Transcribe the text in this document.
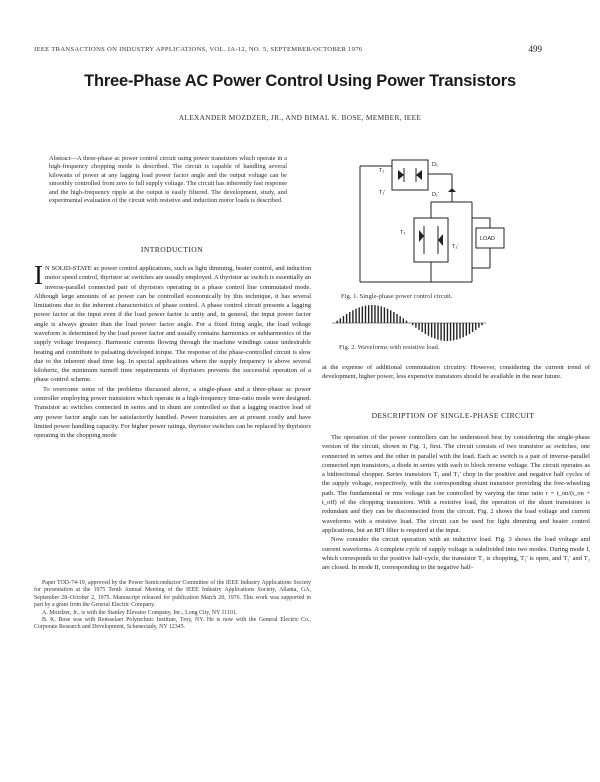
IEEE TRANSACTIONS ON INDUSTRY APPLICATIONS, VOL. IA-12, NO. 5, SEPTEMBER/OCTOBER 1976	499
Three-Phase AC Power Control Using Power Transistors
ALEXANDER MOZDZER, JR., AND BIMAL K. BOSE, MEMBER, IEEE
Abstract—A three-phase ac power control circuit using power transistors which operate in a high-frequency chopping mode is described. The circuit is capable of handling several kilowatts of power at any lagging load power factor angle and the output voltage can be smoothly controlled from zero to full supply voltage. The circuit has inherently fast response and the high-frequency ripple at the output is easily filtered. The development, study, and experimental evaluation of the circuit with resistive and induction motor loads is described.
INTRODUCTION

I N SOLID-STATE ac power control applications, such as light dimming, heater control, and induction motor speed control, thyristor ac switches are usually employed. A thyristor ac switch is essentially an inverse-parallel connected pair of thyristors operating in a phase control line commutated mode. Although large amounts of ac power can be controlled economically by this technique, it has several limitations due to the inherent characteristics of phase control. A phase control circuit presents a lagging power factor at the input even if the load power factor is unity and, in general, the input power factor angle is always greater than the load power factor angle. For a fixed firing angle, the load voltage waveform is determined by the load power factor and usually contains harmonics or subharmonics of the supply voltage frequency. Harmonic currents flowing through the machine windings cause undesirable heating and contribute to pulsating developed torque. The response of the phase-controlled circuit is slow due to the inherent dead time lag. In special applications where the supply frequency is above several kilohertz, the minimum turnoff time requirements of thyristors prevents the successful operation of a phase control scheme.

To overcome some of the problems discussed above, a single-phase and a three-phase ac power controller employing power transistors which operate in a high-frequency time-ratio mode were designed. Transistor ac switches connected in series and in shunt are controlled so that a lagging reactive load of any power factor angle can be satisfactorily handled. Power transistors are at present costly and have limited power handling capacity. For higher power ratings, thyristor switches can be replaced by thyristors operating in the chopping mode

Paper TOD-74-19, approved by the Power Semiconductor Committee of the IEEE Industry Applications Society for presentation at the 1975 Tenth Annual Meeting of the IEEE Industry Applications Society, Atlanta, GA, September 28–October 2, 1975. Manuscript released for publication March 20, 1976. This work was supported in part by a grant from the General Electric Company.

A. Mozdzer, Jr., is with the Stanley Elevator Company, Inc., Long City, NY 11101.

B. K. Bose was with Rensselaer Polytechnic Institute, Troy, NY. He is now with the General Electric Co., Corporate Research and Development, Schenectady, NY 12345.

T₁
D₁
T₁'	D₁'
T₂
T₂'
LOAD
Fig. 1. Single-phase power control circuit.
Fig. 2. Waveforms with resistive load.
at the expense of additional commutation circuitry. However, considering the current trend of development, higher power, less expensive transistors should be available in the near future.
DESCRIPTION OF SINGLE-PHASE CIRCUIT

The operation of the power controllers can be understood best by considering the single-phase version of the circuit, shown in Fig. 1, first. The circuit consists of two transistor ac switches, one connected in series and the other in parallel with the load. Each ac switch is a pair of inverse-parallel connected npn transistors, a diode in series with each to block reverse voltage. The circuit operates as a bidirectional chopper. Series transistors T₁ and T₁' chop in the positive and negative half cycles of the supply voltage, respectively, with the corresponding shunt transistor providing the free-wheeling path. The fundamental or rms voltage can be controlled by varying the time ratio r = t_on/(t_on + t_off) of the chopping transistors. With a resistive load, the operation of the shunt transistors is redundant and they can be disconnected from the circuit. Fig. 2 shows the load voltage and current waveforms with a resistive load. The circuit can be used for light dimming and heater control applications, but an RFI filter is required at the input.

Now consider the circuit operation with an inductive load. Fig. 3 shows the load voltage and current waveforms. A complete cycle of supply voltage is subdivided into two modes. During mode I, which corresponds to the positive half-cycle, the transistor T₁ is chopping, T₁' is open, and T₂' and T₂ are closed. In mode II, corresponding to the negative half-
